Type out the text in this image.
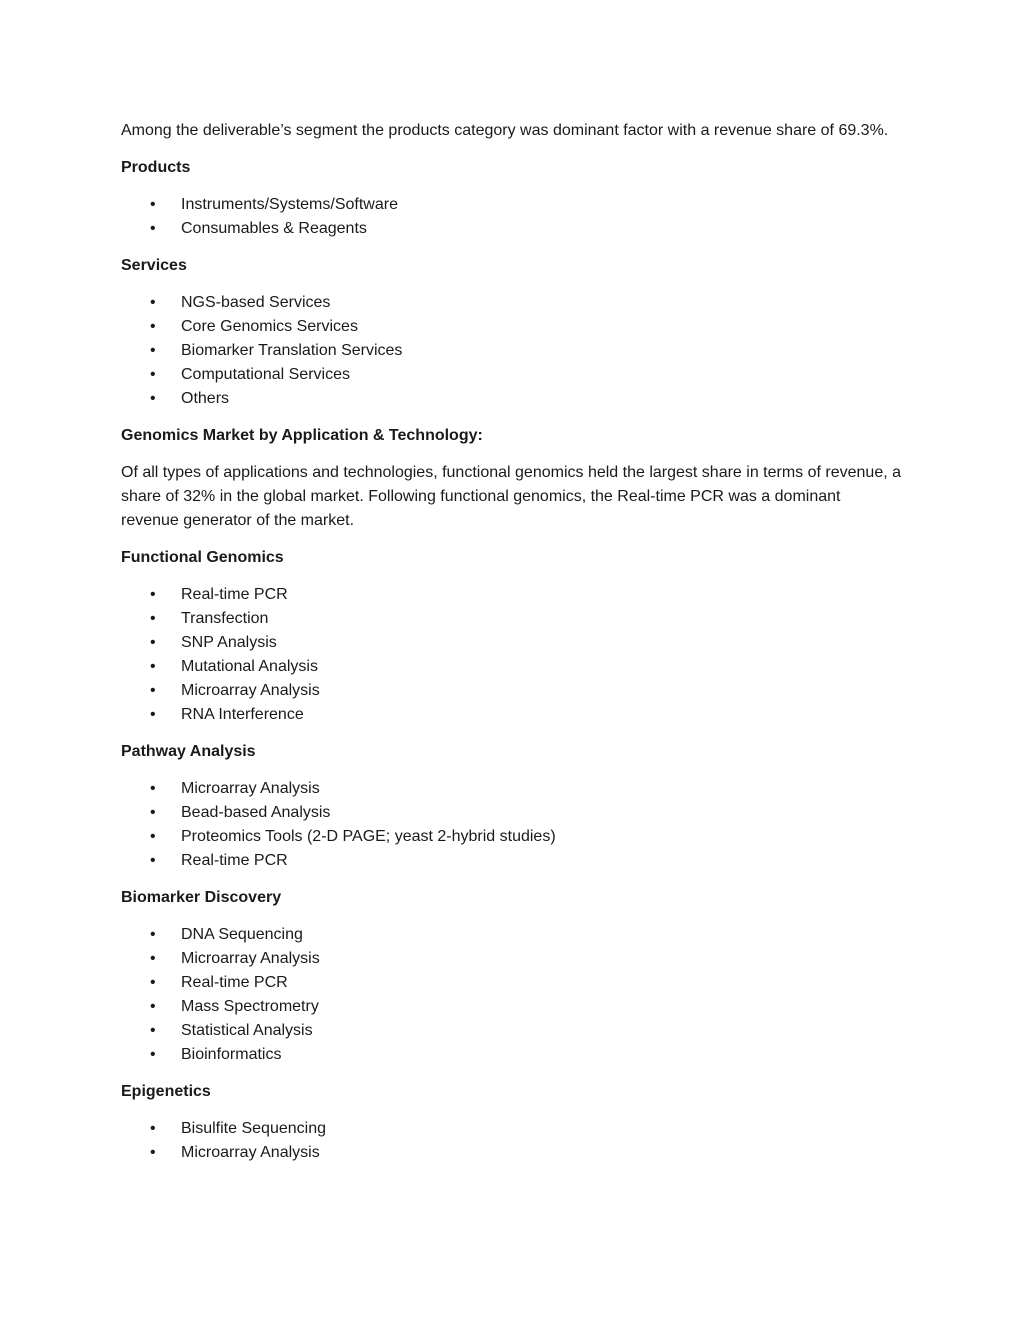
Among the deliverable’s segment the products category was dominant factor with a revenue share of 69.3%.

Products

• Instruments/Systems/Software
• Consumables & Reagents

Services

• NGS-based Services
• Core Genomics Services
• Biomarker Translation Services
• Computational Services
• Others

Genomics Market by Application & Technology:

Of all types of applications and technologies, functional genomics held the largest share in terms of revenue, a share of 32% in the global market. Following functional genomics, the Real-time PCR was a dominant revenue generator of the market.

Functional Genomics

• Real-time PCR
• Transfection
• SNP Analysis
• Mutational Analysis
• Microarray Analysis
• RNA Interference

Pathway Analysis

• Microarray Analysis
• Bead-based Analysis
• Proteomics Tools (2-D PAGE; yeast 2-hybrid studies)
• Real-time PCR

Biomarker Discovery

• DNA Sequencing
• Microarray Analysis
• Real-time PCR
• Mass Spectrometry
• Statistical Analysis
• Bioinformatics

Epigenetics

• Bisulfite Sequencing
• Microarray Analysis
